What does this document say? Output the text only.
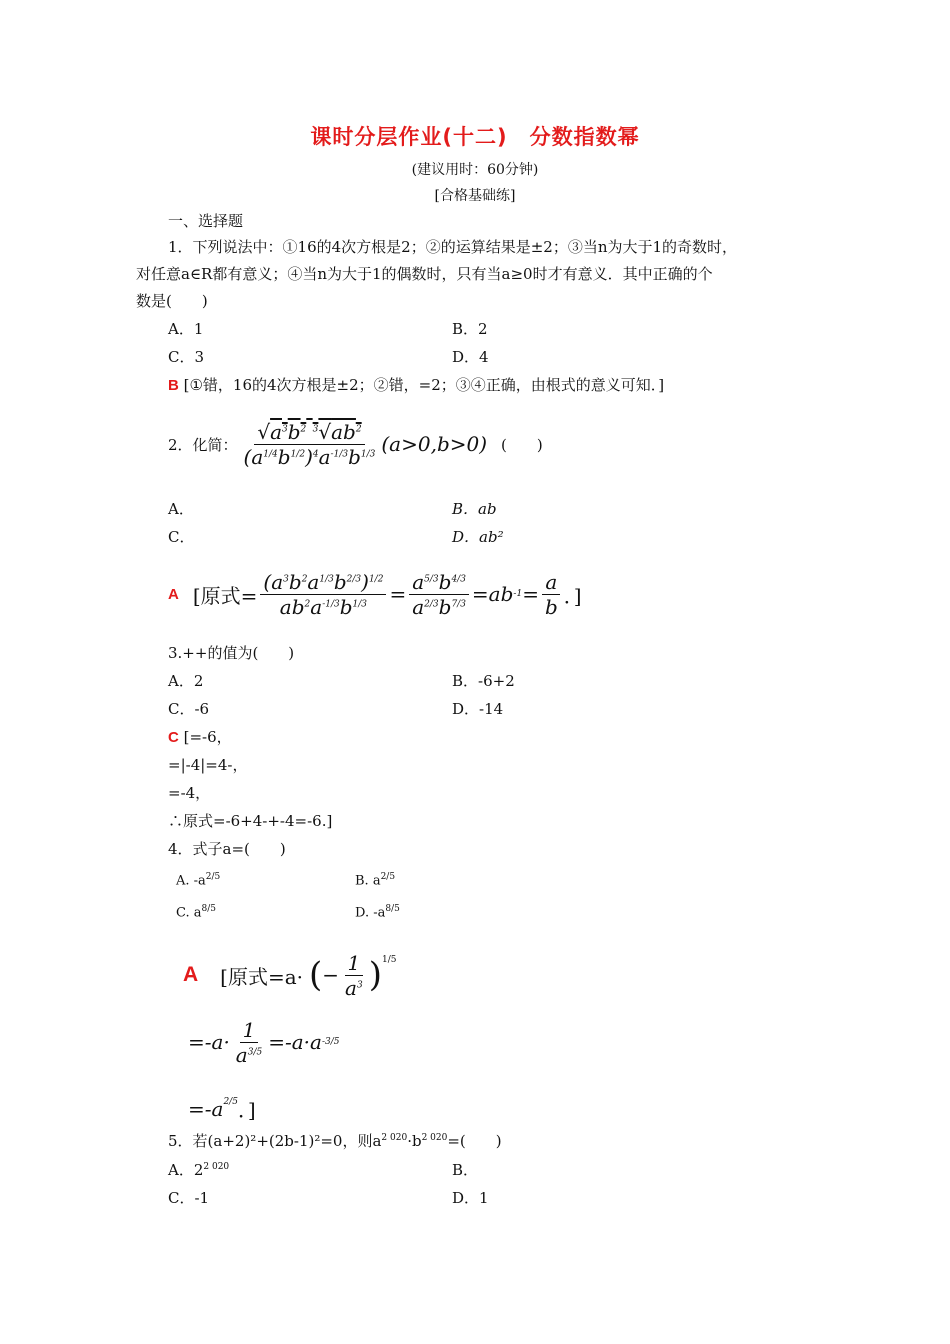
课时分层作业(十二)　分数指数幂
(建议用时：60分钟)
[合格基础练]
一、选择题
1．下列说法中：①16的4次方根是2；②的运算结果是±2；③当n为大于1的奇数时，
对任意a∈R都有意义；④当n为大于1的偶数时，只有当a≥0时才有意义．其中正确的个
数是(　　)
A．1	B．2
C．3	D．4
B [①错，16的4次方根是±2；②错，=2；③④正确，由根式的意义可知．]
2．化简： $\frac{√a^3b^2 ^3√ab^2}{(a^{1/4}b^{1/2})^4a^{-1/3}b^{1/3}} (a>0,b>0)$ (　　)
A．	B．ab
C．	D．ab²
A [原式= $\frac{(a^3b^2a^{1/3}b^{2/3})^{1/2}}{ab^2a^{-1/3}b^{1/3}} = \frac{a^{5/3}b^{4/3}}{a^{2/3}b^{7/3}} =ab$ $-1 = \frac{a}{b}$ ．]
3.++的值为(　　)
A．2	B．-6+2
C．-6	D．-14
C [=-6，
=|-4|=4-，
=-4，
∴原式=-6+4-+-4=-6.]
4．式子a=(　　)
A. $-a^{2/5}$	B. $a^{2/5}$
C. $a^{8/5}$	D. $-a^{8/5}$
A [原式=a· ( − $\frac{1}{a^3} )^{1/5}$
$=-a\cdot \frac{1}{a^{3/5}} =-a\cdot a$ -3/5
$=-a^{2/5}$ ．]
5．若(a+2)²+(2b-1)²=0，则$a^{2 020}\cdot b^{2 020}=$(　　)
A．$2^{2 020}$	B．
C．-1	D．1
